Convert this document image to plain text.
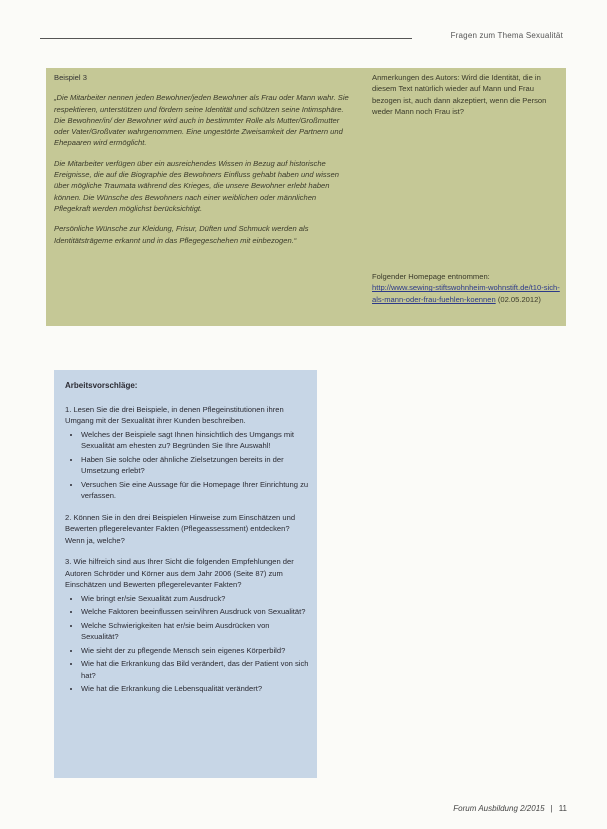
Fragen zum Thema Sexualität
Beispiel 3

„Die Mitarbeiter nennen jeden Bewohner/jeden Bewohner als Frau oder Mann wahr. Sie respektieren, unterstützen und fördern seine Identität und schützen seine Intimsphäre. Die Bewohner/in/ der Bewohner wird auch in bestimmter Rolle als Mutter/Großmutter oder Vater/Großvater wahrgenommen. Eine ungestörte Zweisamkeit der Partnern und Ehepaaren wird ermöglicht.

Die Mitarbeiter verfügen über ein ausreichendes Wissen in Bezug auf historische Ereignisse, die auf die Biographie des Bewohners Einfluss gehabt haben und wissen über mögliche Traumata während des Krieges, die unsere Bewohner erlebt haben können. Die Wünsche des Bewohners nach einer weiblichen oder männlichen Pflegekraft werden möglichst berücksichtigt.

Persönliche Wünsche zur Kleidung, Frisur, Düften und Schmuck werden als Identitätsträgeme erkannt und in das Pflegegeschehen mit einbezogen.“

Anmerkungen des Autors: Wird die Identität, die in diesem Text natürlich wieder auf Mann und Frau bezogen ist, auch dann akzeptiert, wenn die Person weder Mann noch Frau ist?

Folgender Homepage entnommen:

http://www.sewing-stiftswohnheim-wohnstift.de/t10-sich-als-mann-oder-frau-fuehlen-koennen (02.05.2012)

Arbeitsvorschläge:

1. Lesen Sie die drei Beispiele, in denen Pflegeinstitutionen ihren Umgang mit der Sexualität ihrer Kunden beschreiben.

• Welches der Beispiele sagt Ihnen hinsichtlich des Umgangs mit Sexualität am ehesten zu? Begründen Sie Ihre Auswahl!
• Haben Sie solche oder ähnliche Zielsetzungen bereits in der Umsetzung erlebt?
• Versuchen Sie eine Aussage für die Homepage Ihrer Einrichtung zu verfassen.

2. Können Sie in den drei Beispielen Hinweise zum Einschätzen und Bewerten pflegerelevanter Fakten (Pflegeassessment) entdecken? Wenn ja, welche?

3. Wie hilfreich sind aus Ihrer Sicht die folgenden Empfehlungen der Autoren Schröder und Körner aus dem Jahr 2006 (Seite 87) zum Einschätzen und Bewerten pflegerelevanter Fakten?

• Wie bringt er/sie Sexualität zum Ausdruck?
• Welche Faktoren beeinflussen sein/ihren Ausdruck von Sexualität?
• Welche Schwierigkeiten hat er/sie beim Ausdrücken von Sexualität?
• Wie sieht der zu pflegende Mensch sein eigenes Körperbild?
• Wie hat die Erkrankung das Bild verändert, das der Patient von sich hat?
• Wie hat die Erkrankung die Lebensqualität verändert?
Forum Ausbildung 2/2015 | 11
